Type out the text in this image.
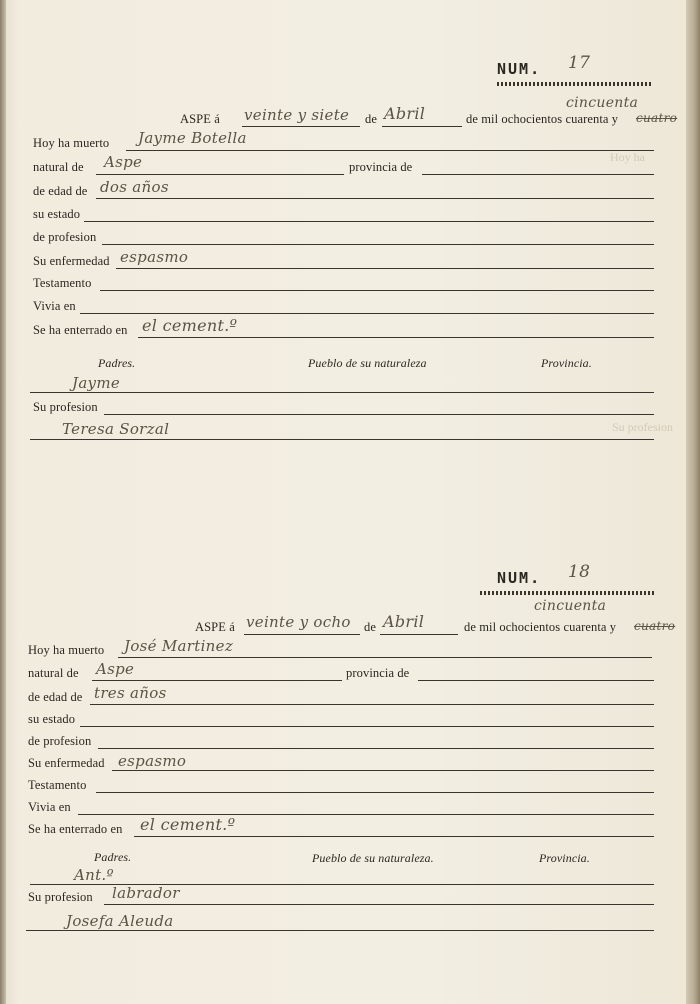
Hoy ha
Su profesion
NUM. 17
cincuenta
ASPE á veinte y siete de Abril	de mil ochocientos cuarenta y cuatro
Hoy ha muerto Jayme Botella
natural de Aspe	provincia de
de edad de dos años
su estado
de profesion
Su enfermedad espasmo
Testamento
Vivia en
Se ha enterrado en el cement.º
Padres.	Pueblo de su naturaleza	Provincia.
Jayme
Su profesion
Teresa Sorzal
NUM. 18
cincuenta
ASPE á veinte y ocho de Abril	de mil ochocientos cuarenta y cuatro
Hoy ha muerto José Martinez
natural de Aspe	provincia de
de edad de tres años
su estado
de profesion
Su enfermedad espasmo
Testamento
Vivia en
Se ha enterrado en el cement.º
Padres.	Pueblo de su naturaleza.	Provincia.
Ant.º
Su profesion labrador
Josefa Aleuda
